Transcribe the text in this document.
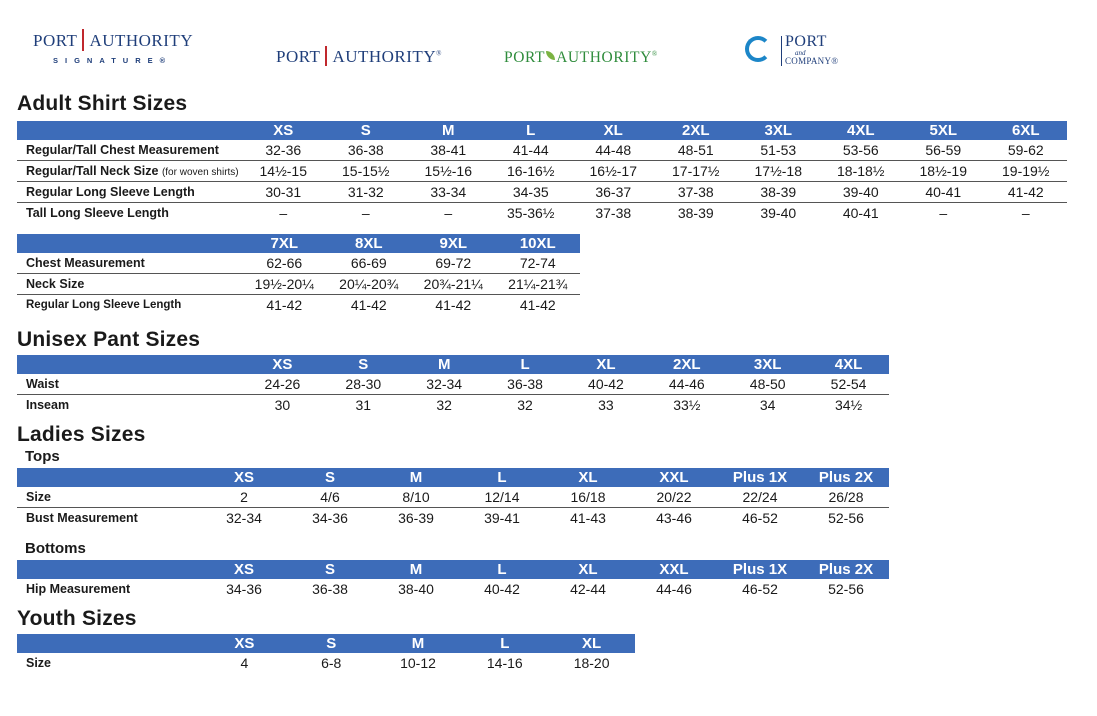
PORT AUTHORITY
SIGNATURE®	PORT AUTHORITY®	PORT AUTHORITY®
PORT
and
COMPANY®
Adult Shirt Sizes
	XS	S	M	L	XL	2XL	3XL	4XL	5XL	6XL
Regular/Tall Chest Measurement	32-36	36-38	38-41	41-44	44-48	48-51	51-53	53-56	56-59	59-62
Regular/Tall Neck Size (for woven shirts)	14½-15	15-15½	15½-16	16-16½	16½-17	17-17½	17½-18	18-18½	18½-19	19-19½
Regular Long Sleeve Length	30-31	31-32	33-34	34-35	36-37	37-38	38-39	39-40	40-41	41-42
Tall Long Sleeve Length	–	–	–	35-36½	37-38	38-39	39-40	40-41	–	–
	7XL	8XL	9XL	10XL
Chest Measurement	62-66	66-69	69-72	72-74
Neck Size	19½-20¼	20¼-20¾	20¾-21¼	21¼-21¾
Regular Long Sleeve Length	41-42	41-42	41-42	41-42
Unisex Pant Sizes
	XS	S	M	L	XL	2XL	3XL	4XL
Waist	24-26	28-30	32-34	36-38	40-42	44-46	48-50	52-54
Inseam	30	31	32	32	33	33½	34	34½
Ladies Sizes
Tops
	XS	S	M	L	XL	XXL	Plus 1X	Plus 2X
Size	2	4/6	8/10	12/14	16/18	20/22	22/24	26/28
Bust Measurement	32-34	34-36	36-39	39-41	41-43	43-46	46-52	52-56
Bottoms
	XS	S	M	L	XL	XXL	Plus 1X	Plus 2X
Hip Measurement	34-36	36-38	38-40	40-42	42-44	44-46	46-52	52-56
Youth Sizes
	XS	S	M	L	XL
Size	4	6-8	10-12	14-16	18-20
